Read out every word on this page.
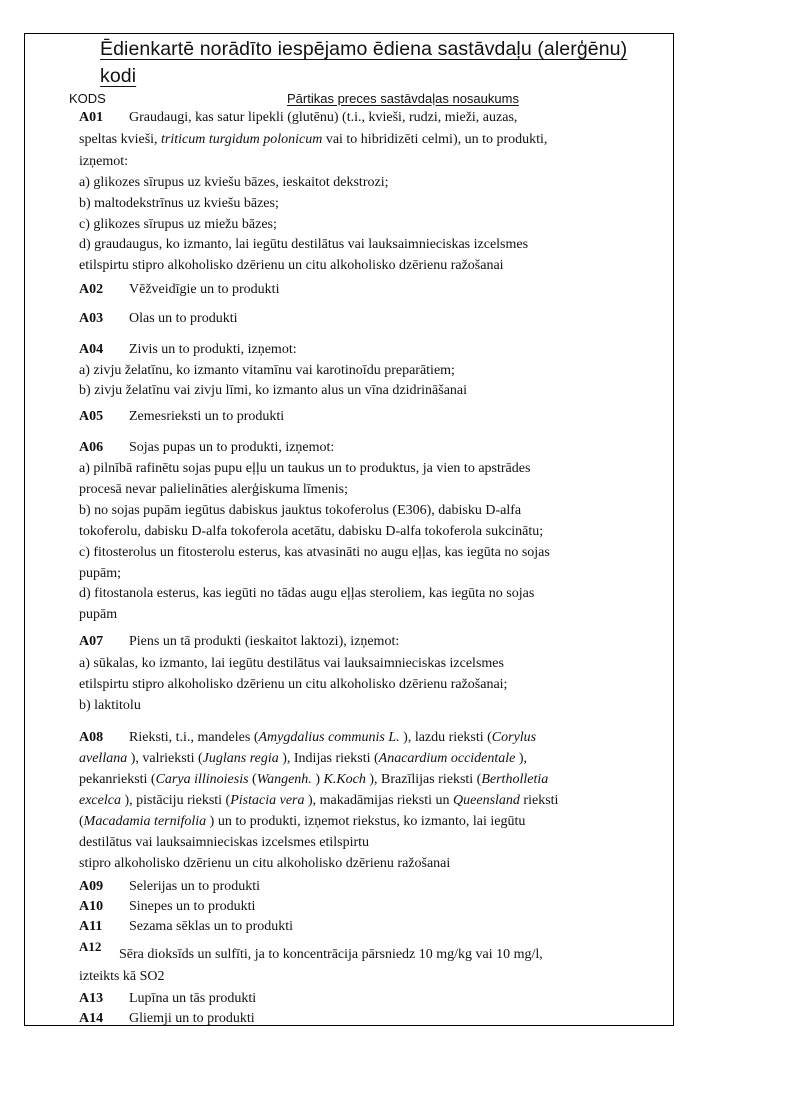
Ēdienkartē norādīto iespējamo ēdiena sastāvdaļu (alerģēnu)
kodi
KODS	Pārtikas preces sastāvdaļas nosaukums
A01 Graudaugi, kas satur lipekli (glutēnu) (t.i., kvieši, rudzi, mieži, auzas,
speltas kvieši, triticum turgidum polonicum vai to hibridizēti celmi), un to produkti,
izņemot:
a) glikozes sīrupus uz kviešu bāzes, ieskaitot dekstrozi;
b) maltodekstrīnus uz kviešu bāzes;
c) glikozes sīrupus uz miežu bāzes;
d) graudaugus, ko izmanto, lai iegūtu destilātus vai lauksaimnieciskas izcelsmes
etilspirtu stipro alkoholisko dzērienu un citu alkoholisko dzērienu ražošanai
A02 Vēžveidīgie un to produkti
A03 Olas un to produkti
A04 Zivis un to produkti, izņemot:
a) zivju želatīnu, ko izmanto vitamīnu vai karotinoīdu preparātiem;
b) zivju želatīnu vai zivju līmi, ko izmanto alus un vīna dzidrināšanai
A05 Zemesrieksti un to produkti
A06 Sojas pupas un to produkti, izņemot:
a) pilnībā rafinētu sojas pupu eļļu un taukus un to produktus, ja vien to apstrādes
procesā nevar palielināties alerģiskuma līmenis;
b) no sojas pupām iegūtus dabiskus jauktus tokoferolus (E306), dabisku D-alfa
tokoferolu, dabisku D-alfa tokoferola acetātu, dabisku D-alfa tokoferola sukcinātu;
c) fitosterolus un fitosterolu esterus, kas atvasināti no augu eļļas, kas iegūta no sojas
pupām;
d) fitostanola esterus, kas iegūti no tādas augu eļļas steroliem, kas iegūta no sojas
pupām
A07 Piens un tā produkti (ieskaitot laktozi), izņemot:
a) sūkalas, ko izmanto, lai iegūtu destilātus vai lauksaimnieciskas izcelsmes
etilspirtu stipro alkoholisko dzērienu un citu alkoholisko dzērienu ražošanai;
b) laktitolu
A08 Rieksti, t.i., mandeles (Amygdalius communis L. ), lazdu rieksti (Corylus
avellana ), valrieksti (Juglans regia ), Indijas rieksti (Anacardium occidentale ),
pekanrieksti (Carya illinoiesis (Wangenh. ) K.Koch ), Brazīlijas rieksti (Bertholletia
excelca ), pistāciju rieksti (Pistacia vera ), makadāmijas rieksti un Queensland rieksti
(Macadamia ternifolia ) un to produkti, izņemot riekstus, ko izmanto, lai iegūtu
destilātus vai lauksaimnieciskas izcelsmes etilspirtu
stipro alkoholisko dzērienu un citu alkoholisko dzērienu ražošanai
A09 Selerijas un to produkti
A10 Sinepes un to produkti
A11 Sezama sēklas un to produkti
A12
Sēra dioksīds un sulfīti, ja to koncentrācija pārsniedz 10 mg/kg vai 10 mg/l,
izteikts kā SO2
A13 Lupīna un tās produkti
A14 Gliemji un to produkti
